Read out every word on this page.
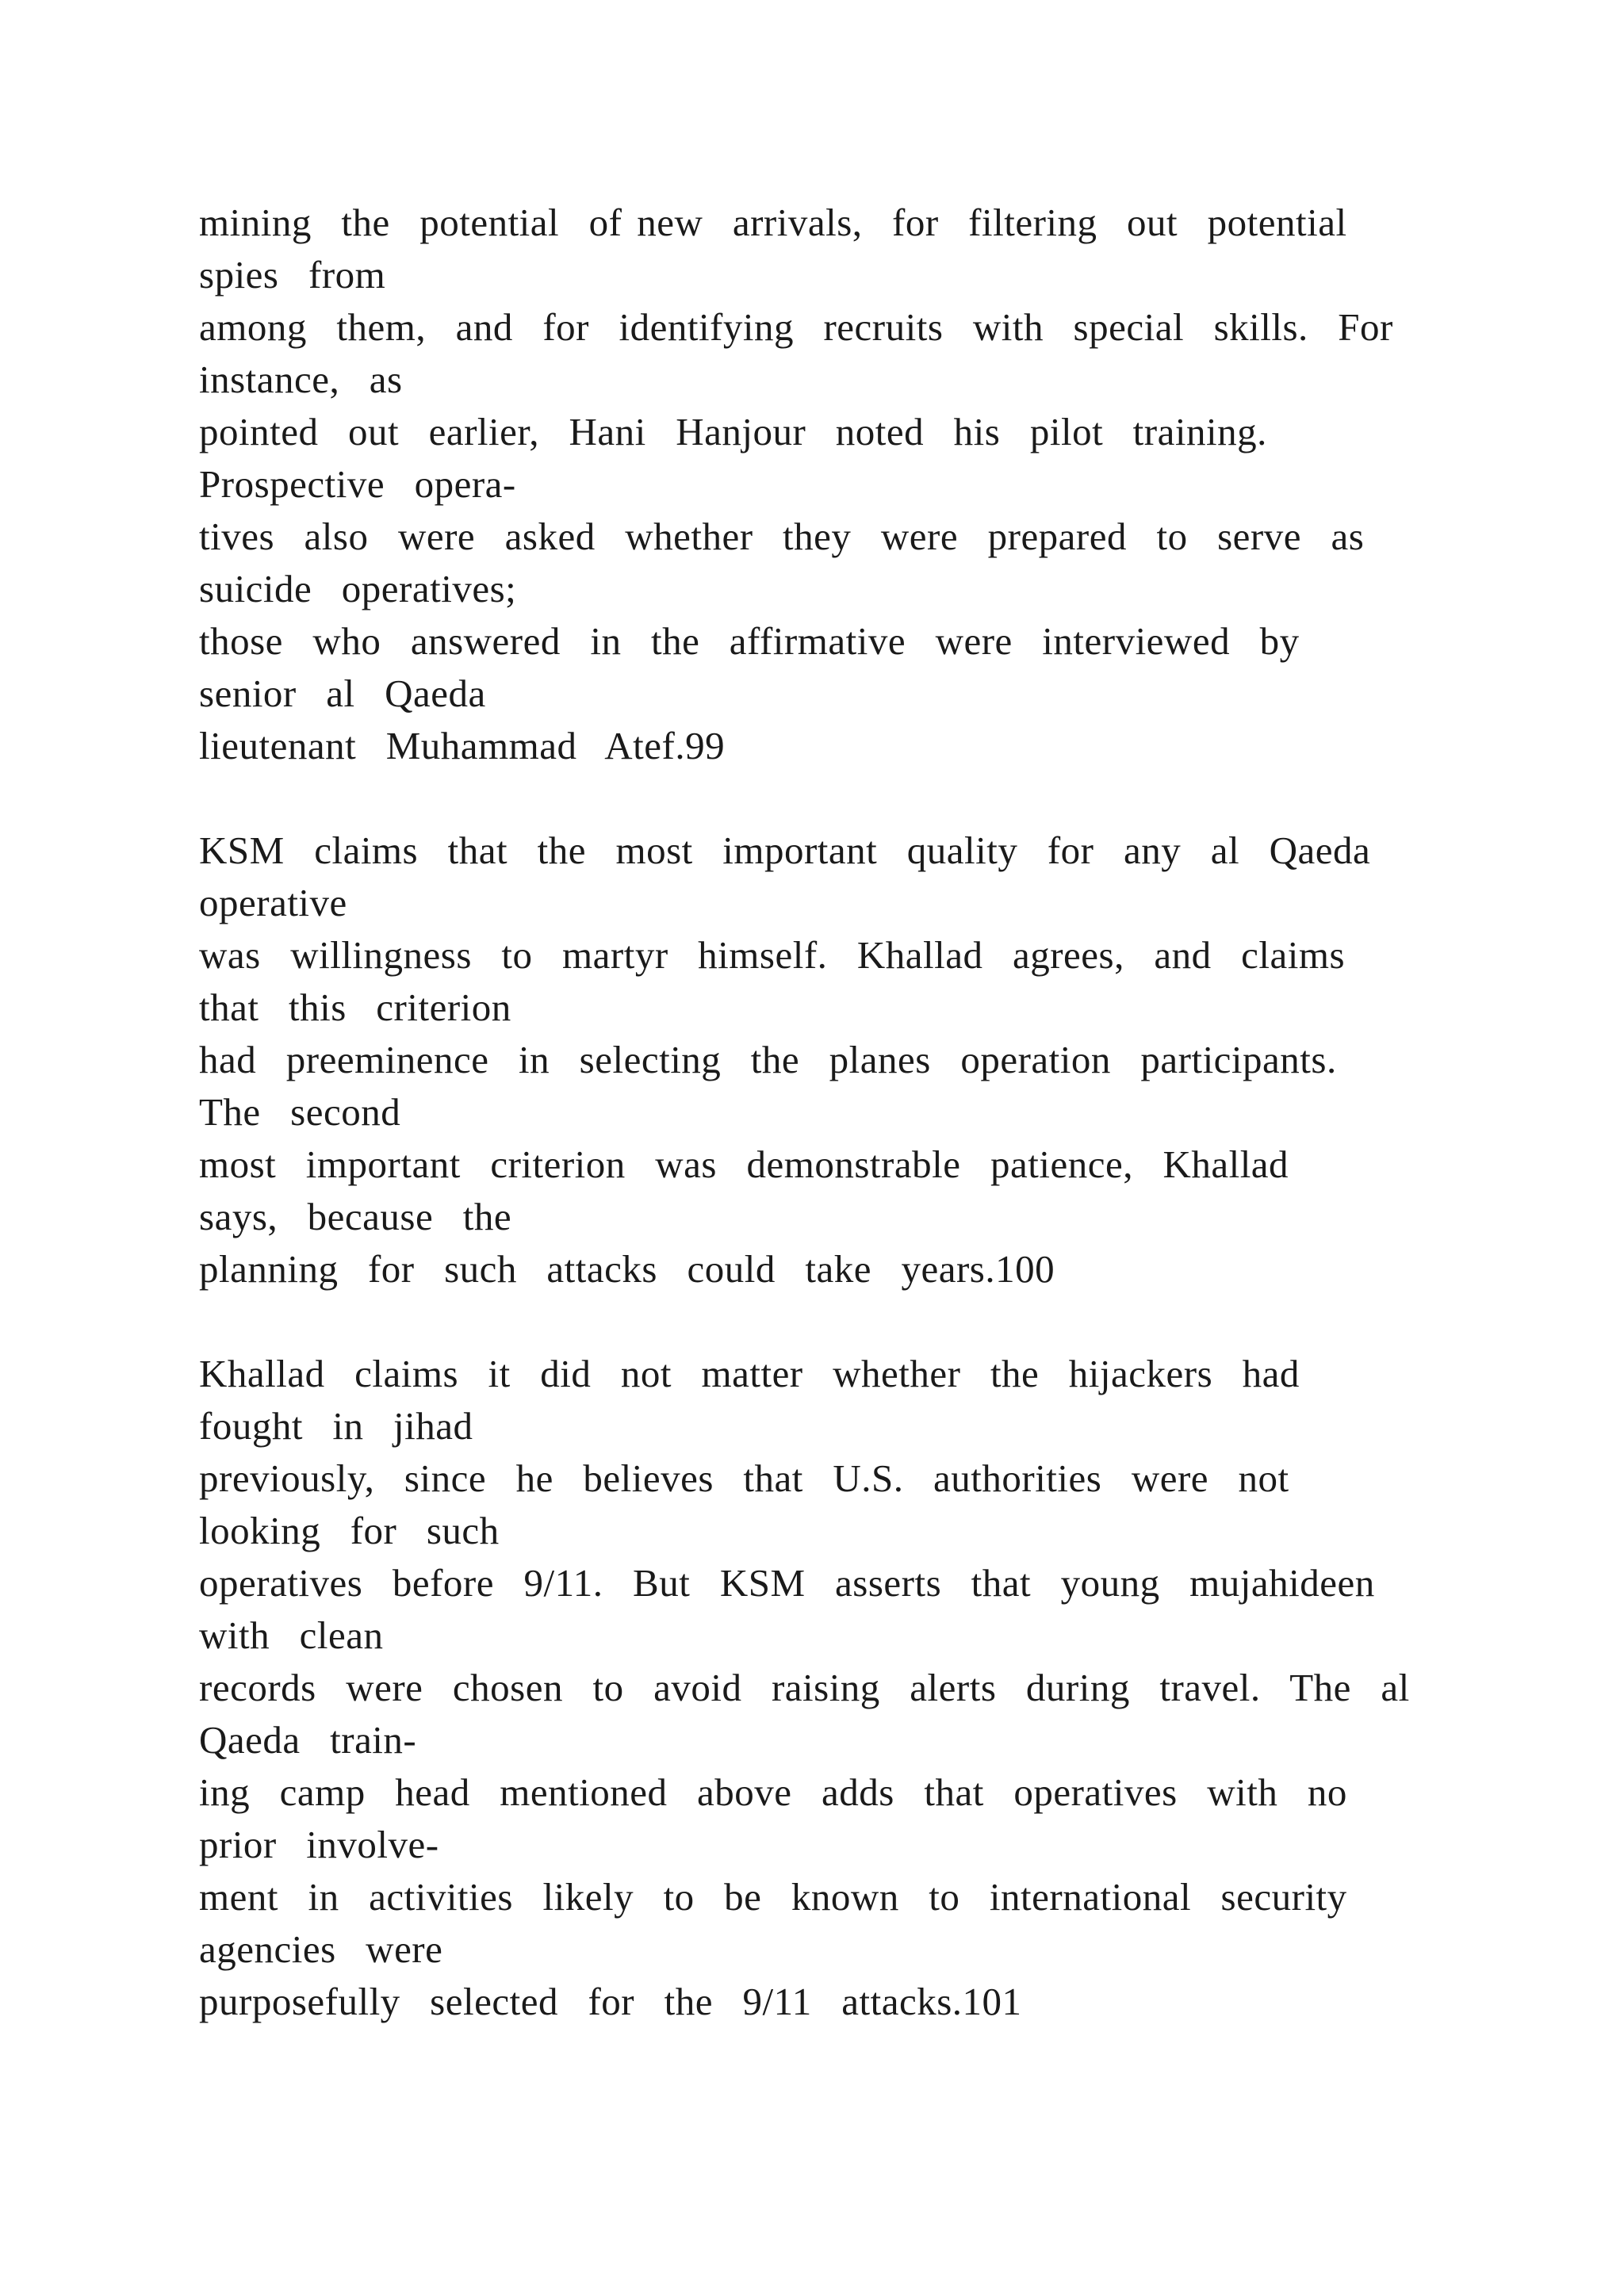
mining  the  potential  of new  arrivals,  for  filtering  out  potential
spies  from
among  them,  and  for  identifying  recruits  with  special  skills.  For
instance,  as
pointed  out  earlier,  Hani  Hanjour  noted  his  pilot  training.
Prospective  opera-
tives  also  were  asked  whether  they  were  prepared  to  serve  as
suicide  operatives;
those  who  answered  in  the  affirmative  were  interviewed  by
senior  al  Qaeda
lieutenant  Muhammad  Atef.99
KSM  claims  that  the  most  important  quality  for  any  al  Qaeda
operative
was  willingness  to  martyr  himself.  Khallad  agrees,  and  claims
that  this  criterion
had  preeminence  in  selecting  the  planes  operation  participants.
The  second
most  important  criterion  was  demonstrable  patience,  Khallad
says,  because  the
planning  for  such  attacks  could  take  years.100
Khallad  claims  it  did  not  matter  whether  the  hijackers  had
fought  in  jihad
previously,  since  he  believes  that  U.S.  authorities  were  not
looking  for  such
operatives  before  9/11.  But  KSM  asserts  that  young  mujahideen
with  clean
records  were  chosen  to  avoid  raising  alerts  during  travel.  The  al
Qaeda  train-
ing  camp  head  mentioned  above  adds  that  operatives  with  no
prior  involve-
ment  in  activities  likely  to  be  known  to  international  security
agencies  were
purposefully  selected  for  the  9/11  attacks.101
